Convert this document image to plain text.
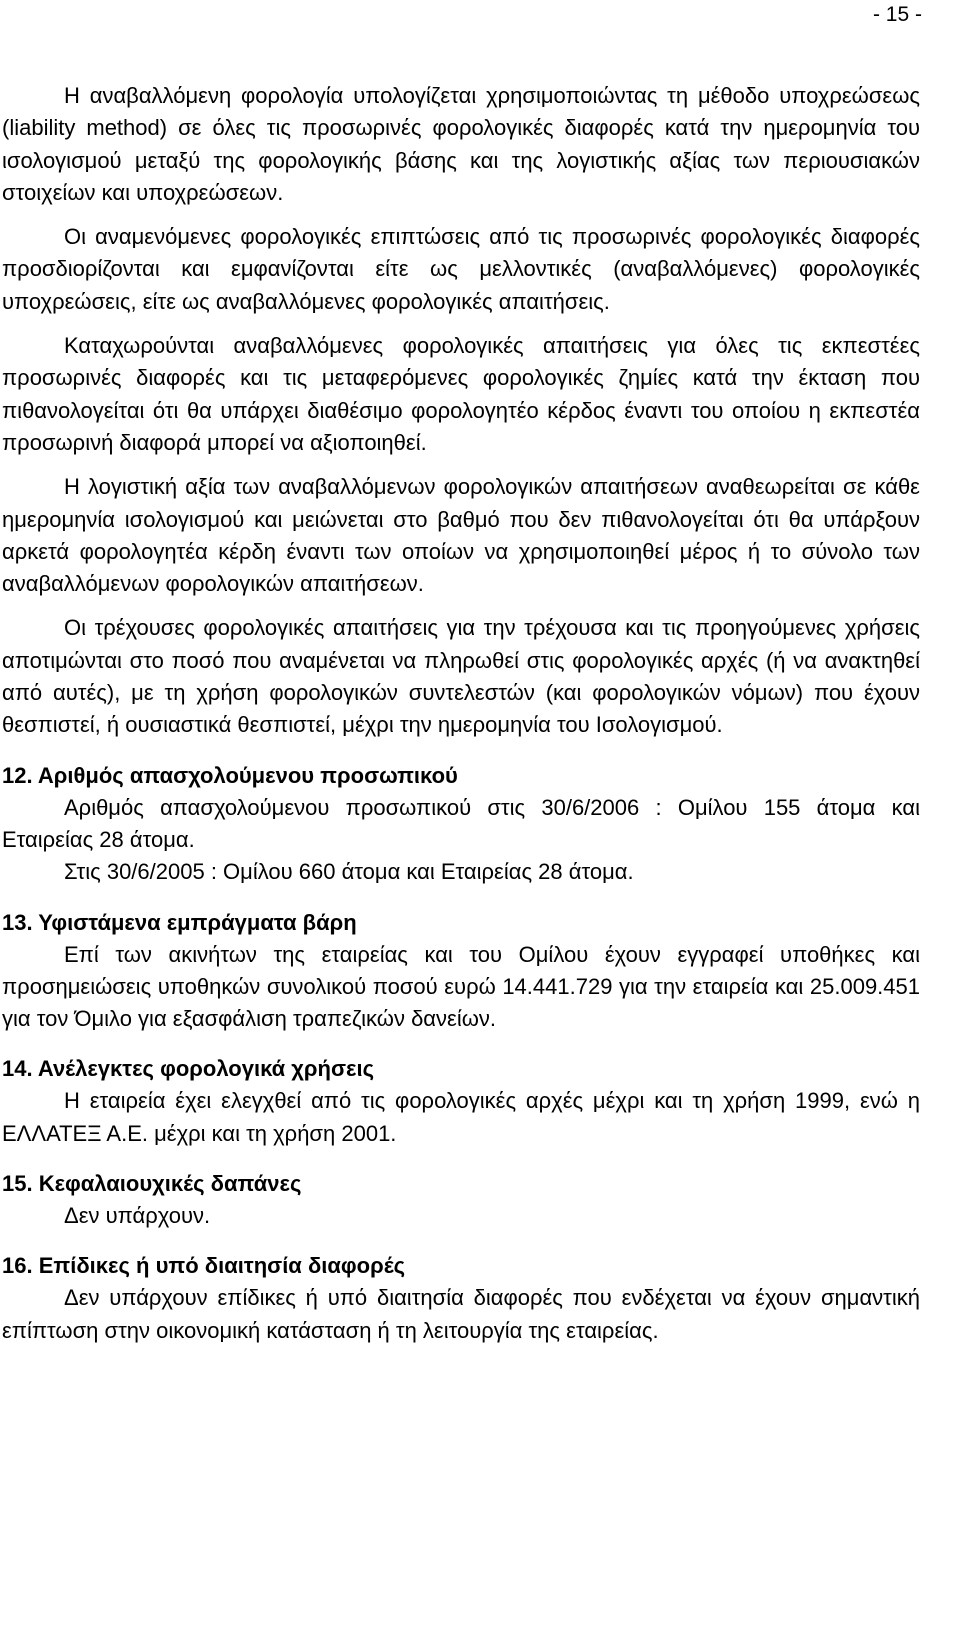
- 15 -

Η αναβαλλόμενη φορολογία υπολογίζεται χρησιμοποιώντας τη μέθοδο υποχρεώσεως (liability method) σε όλες τις προσωρινές φορολογικές διαφορές κατά την ημερομηνία του ισολογισμού μεταξύ της φορολογικής βάσης και της λογιστικής αξίας των περιουσιακών στοιχείων και υποχρεώσεων.

Οι αναμενόμενες φορολογικές επιπτώσεις από τις προσωρινές φορολογικές διαφορές προσδιορίζονται και εμφανίζονται είτε ως μελλοντικές (αναβαλλόμενες) φορολογικές υποχρεώσεις, είτε ως αναβαλλόμενες φορολογικές απαιτήσεις.

Καταχωρούνται αναβαλλόμενες φορολογικές απαιτήσεις για όλες τις εκπεστέες προσωρινές διαφορές και τις μεταφερόμενες φορολογικές ζημίες κατά την έκταση που πιθανολογείται ότι θα υπάρχει διαθέσιμο φορολογητέο κέρδος έναντι του οποίου η εκπεστέα προσωρινή διαφορά μπορεί να αξιοποιηθεί.

Η λογιστική αξία των αναβαλλόμενων φορολογικών απαιτήσεων αναθεωρείται σε κάθε ημερομηνία ισολογισμού και μειώνεται στο βαθμό που δεν πιθανολογείται ότι θα υπάρξουν αρκετά φορολογητέα κέρδη έναντι των οποίων να χρησιμοποιηθεί μέρος ή το σύνολο των αναβαλλόμενων φορολογικών απαιτήσεων.

Οι τρέχουσες φορολογικές απαιτήσεις για την τρέχουσα και τις προηγούμενες χρήσεις αποτιμώνται στο ποσό που αναμένεται να πληρωθεί στις φορολογικές αρχές (ή να ανακτηθεί από αυτές), με τη χρήση φορολογικών συντελεστών (και φορολογικών νόμων) που έχουν θεσπιστεί, ή ουσιαστικά θεσπιστεί, μέχρι την ημερομηνία του Ισολογισμού.

12. Αριθμός απασχολούμενου προσωπικού

Αριθμός απασχολούμενου προσωπικού στις 30/6/2006 : Ομίλου 155 άτομα και Εταιρείας 28 άτομα.

Στις 30/6/2005 : Ομίλου 660 άτομα και Εταιρείας 28 άτομα.

13. Υφιστάμενα εμπράγματα βάρη

Επί των ακινήτων της εταιρείας και του Ομίλου έχουν εγγραφεί υποθήκες και προσημειώσεις υποθηκών συνολικού ποσού ευρώ 14.441.729 για την εταιρεία και 25.009.451 για τον Όμιλο για εξασφάλιση τραπεζικών δανείων.

14. Ανέλεγκτες φορολογικά χρήσεις

Η εταιρεία έχει ελεγχθεί από τις φορολογικές αρχές μέχρι και τη χρήση 1999, ενώ η ΕΛΛΑΤΕΞ Α.Ε. μέχρι και τη χρήση 2001.

15. Κεφαλαιουχικές δαπάνες

Δεν υπάρχουν.

16. Επίδικες ή υπό διαιτησία διαφορές

Δεν υπάρχουν επίδικες ή υπό διαιτησία διαφορές που ενδέχεται να έχουν σημαντική επίπτωση στην οικονομική κατάσταση ή τη λειτουργία της εταιρείας.
